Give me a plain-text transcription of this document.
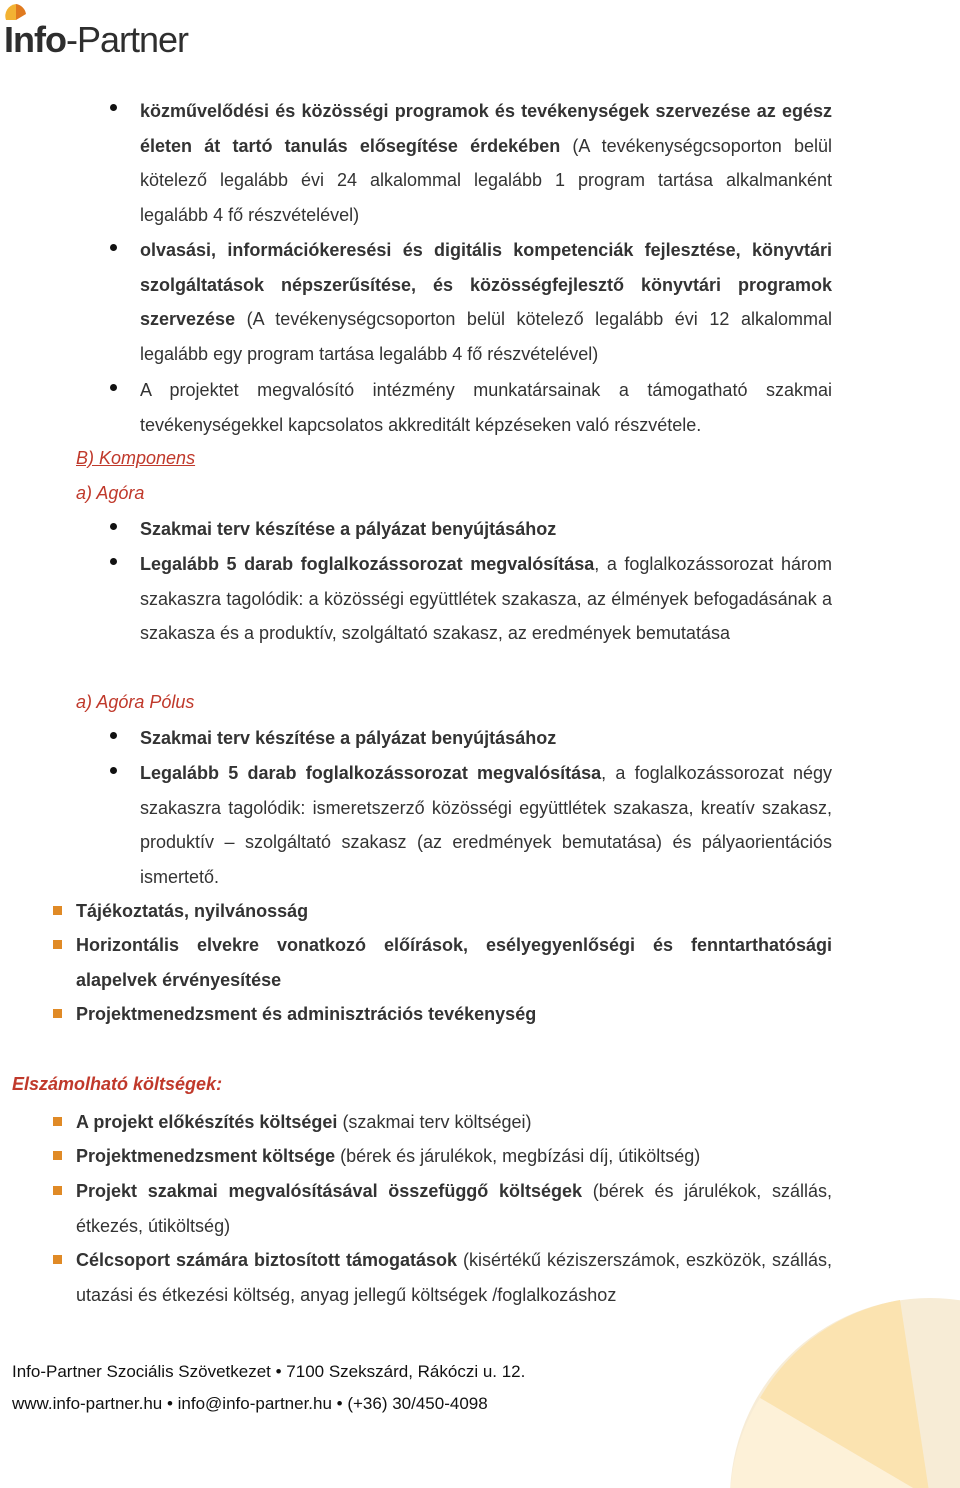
Info-Partner
közművelődési és közösségi programok és tevékenységek szervezése az egész életen át tartó tanulás elősegítése érdekében (A tevékenységcsoporton belül kötelező legalább évi 24 alkalommal legalább 1 program tartása alkalmanként legalább 4 fő részvételével)
olvasási, információkeresési és digitális kompetenciák fejlesztése, könyvtári szolgáltatások népszerűsítése, és közösségfejlesztő könyvtári programok szervezése (A tevékenységcsoporton belül kötelező legalább évi 12 alkalommal legalább egy program tartása legalább 4 fő részvételével)
A projektet megvalósító intézmény munkatársainak a támogatható szakmai tevékenységekkel kapcsolatos akkreditált képzéseken való részvétele.
B) Komponens
a) Agóra
Szakmai terv készítése a pályázat benyújtásához
Legalább 5 darab foglalkozássorozat megvalósítása, a foglalkozássorozat három szakaszra tagolódik: a közösségi együttlétek szakasza, az élmények befogadásának a szakasza és a produktív, szolgáltató szakasz, az eredmények bemutatása
a) Agóra Pólus
Szakmai terv készítése a pályázat benyújtásához
Legalább 5 darab foglalkozássorozat megvalósítása, a foglalkozássorozat négy szakaszra tagolódik: ismeretszerző közösségi együttlétek szakasza, kreatív szakasz, produktív – szolgáltató szakasz (az eredmények bemutatása) és pályaorientációs ismertető.
Tájékoztatás, nyilvánosság
Horizontális elvekre vonatkozó előírások, esélyegyenlőségi és fenntarthatósági alapelvek érvényesítése
Projektmenedzsment és adminisztrációs tevékenység
Elszámolható költségek:
A projekt előkészítés költségei (szakmai terv költségei)
Projektmenedzsment költsége (bérek és járulékok, megbízási díj, útiköltség)
Projekt szakmai megvalósításával összefüggő költségek (bérek és járulékok, szállás, étkezés, útiköltség)
Célcsoport számára biztosított támogatások (kisértékű kéziszerszámok, eszközök, szállás, utazási és étkezési költség, anyag jellegű költségek /foglalkozáshoz
Info-Partner Szociális Szövetkezet • 7100 Szekszárd, Rákóczi u. 12.
www.info-partner.hu • info@info-partner.hu • (+36) 30/450-4098
